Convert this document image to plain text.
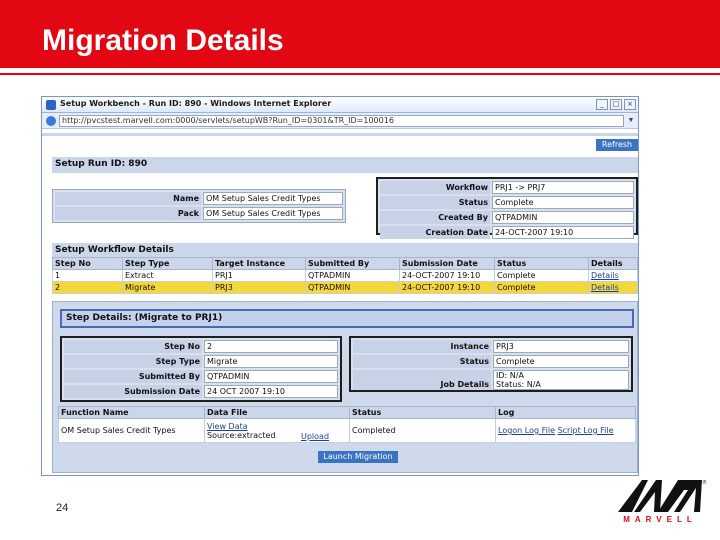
Migration Details
Setup Workbench - Run ID: 890 - Windows Internet Explorer	_	□	×
http://pvcstest.marvell.com:0000/servlets/setupWB?Run_ID=0301&TR_ID=100016	▼
Refresh
Setup Run ID: 890
Name	OM Setup Sales Credit Types
Pack	OM Setup Sales Credit Types
Workflow	PRJ1 -> PRJ7
Status	Complete
Created By	QTPADMIN
Creation Date	24-OCT-2007 19:10
Setup Workflow Details
Step No	Step Type	Target Instance	Submitted By	Submission Date	Status	Details
1	Extract	PRJ1	QTPADMIN	24-OCT-2007 19:10	Complete	Details
2	Migrate	PRJ3	QTPADMIN	24-OCT-2007 19:10	Complete	Details
Step Details: (Migrate to PRJ1)
Step No	2
Step Type	Migrate
Submitted By	QTPADMIN
Submission Date	24 OCT 2007 19:10
Instance	PRJ3
Status	Complete
Job Details	ID: N/A
Status: N/A
Function Name	Data File	Status	Log
OM Setup Sales Credit Types	View Data
Source:extracted Upload	Completed	Logon Log File Script Log File
Launch Migration
24
®
MARVELL
